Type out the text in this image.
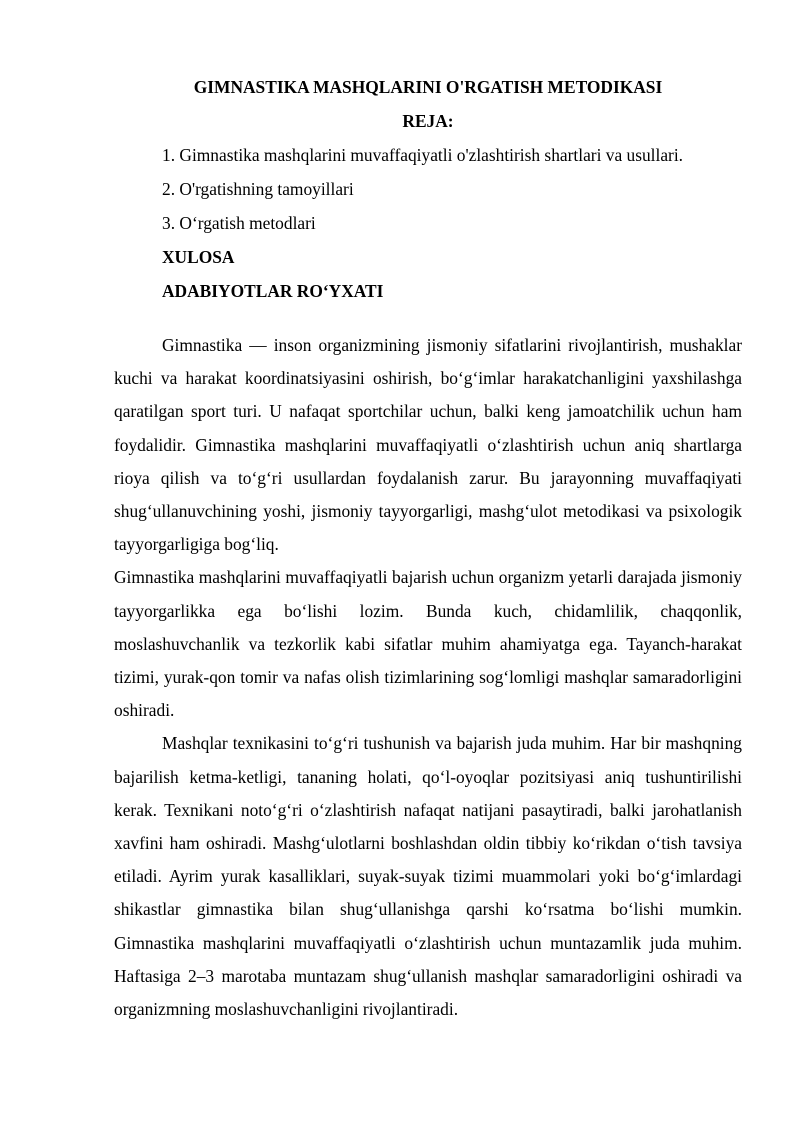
GIMNASTIKA MASHQLARINI O'RGATISH METODIKASI
REJA:
1. Gimnastika mashqlarini muvaffaqiyatli o'zlashtirish shartlari va usullari.
2. O'rgatishning tamoyillari
3. O‘rgatish metodlari
XULOSA
ADABIYOTLAR RO‘YXATI

Gimnastika — inson organizmining jismoniy sifatlarini rivojlantirish, mushaklar kuchi va harakat koordinatsiyasini oshirish, bo‘g‘imlar harakatchanligini yaxshilashga qaratilgan sport turi. U nafaqat sportchilar uchun, balki keng jamoatchilik uchun ham foydalidir. Gimnastika mashqlarini muvaffaqiyatli o‘zlashtirish uchun aniq shartlarga rioya qilish va to‘g‘ri usullardan foydalanish zarur. Bu jarayonning muvaffaqiyati shug‘ullanuvchining yoshi, jismoniy tayyorgarligi, mashg‘ulot metodikasi va psixologik tayyorgarligiga bog‘liq.

Gimnastika mashqlarini muvaffaqiyatli bajarish uchun organizm yetarli darajada jismoniy tayyorgarlikka ega bo‘lishi lozim. Bunda kuch, chidamlilik, chaqqonlik, moslashuvchanlik va tezkorlik kabi sifatlar muhim ahamiyatga ega. Tayanch-harakat tizimi, yurak-qon tomir va nafas olish tizimlarining sog‘lomligi mashqlar samaradorligini oshiradi.

Mashqlar texnikasini to‘g‘ri tushunish va bajarish juda muhim. Har bir mashqning bajarilish ketma-ketligi, tananing holati, qo‘l-oyoqlar pozitsiyasi aniq tushuntirilishi kerak. Texnikani noto‘g‘ri o‘zlashtirish nafaqat natijani pasaytiradi, balki jarohatlanish xavfini ham oshiradi. Mashg‘ulotlarni boshlashdan oldin tibbiy ko‘rikdan o‘tish tavsiya etiladi. Ayrim yurak kasalliklari, suyak-suyak tizimi muammolari yoki bo‘g‘imlardagi shikastlar gimnastika bilan shug‘ullanishga qarshi ko‘rsatma bo‘lishi mumkin. Gimnastika mashqlarini muvaffaqiyatli o‘zlashtirish uchun muntazamlik juda muhim. Haftasiga 2–3 marotaba muntazam shug‘ullanish mashqlar samaradorligini oshiradi va organizmning moslashuvchanligini rivojlantiradi.
